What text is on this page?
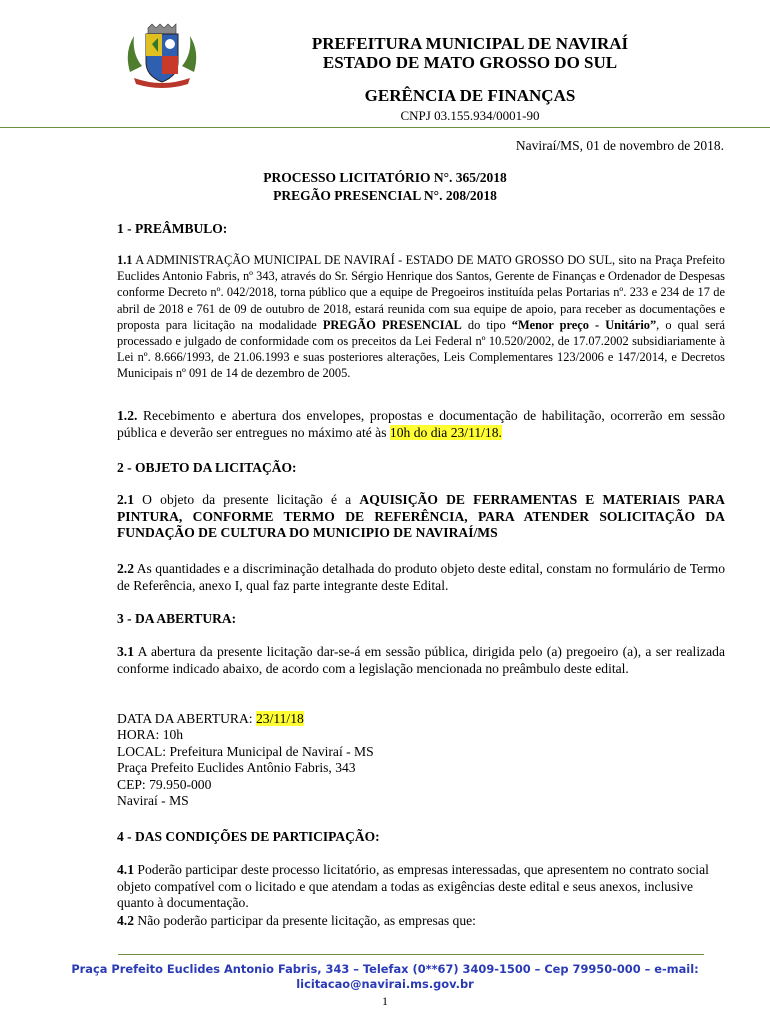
PREFEITURA MUNICIPAL DE NAVIRAÍ
ESTADO DE MATO GROSSO DO SUL
GERÊNCIA DE FINANÇAS
CNPJ 03.155.934/0001-90
Naviraí/MS, 01 de novembro de 2018.
PROCESSO LICITATÓRIO N°. 365/2018
PREGÃO PRESENCIAL N°. 208/2018
1 - PREÂMBULO:
1.1 A ADMINISTRAÇÃO MUNICIPAL DE NAVIRAÍ - ESTADO DE MATO GROSSO DO SUL, sito na Praça Prefeito Euclides Antonio Fabris, nº 343, através do Sr. Sérgio Henrique dos Santos, Gerente de Finanças e Ordenador de Despesas conforme Decreto nº. 042/2018, torna público que a equipe de Pregoeiros instituída pelas Portarias nº. 233 e 234 de 17 de abril de 2018 e 761 de 09 de outubro de 2018, estará reunida com sua equipe de apoio, para receber as documentações e proposta para licitação na modalidade PREGÃO PRESENCIAL do tipo “Menor preço - Unitário”, o qual será processado e julgado de conformidade com os preceitos da Lei Federal nº 10.520/2002, de 17.07.2002 subsidiariamente à Lei nº. 8.666/1993, de 21.06.1993 e suas posteriores alterações, Leis Complementares 123/2006 e 147/2014, e Decretos Municipais nº 091 de 14 de dezembro de 2005.
1.2. Recebimento e abertura dos envelopes, propostas e documentação de habilitação, ocorrerão em sessão pública e deverão ser entregues no máximo até às 10h do dia 23/11/18.
2 - OBJETO DA LICITAÇÃO:
2.1 O objeto da presente licitação é a AQUISIÇÃO DE FERRAMENTAS E MATERIAIS PARA PINTURA, CONFORME TERMO DE REFERÊNCIA, PARA ATENDER SOLICITAÇÃO DA FUNDAÇÃO DE CULTURA DO MUNICIPIO DE NAVIRAÍ/MS
2.2 As quantidades e a discriminação detalhada do produto objeto deste edital, constam no formulário de Termo de Referência, anexo I, qual faz parte integrante deste Edital.
3 - DA ABERTURA:
3.1 A abertura da presente licitação dar-se-á em sessão pública, dirigida pelo (a) pregoeiro (a), a ser realizada conforme indicado abaixo, de acordo com a legislação mencionada no preâmbulo deste edital.
DATA DA ABERTURA: 23/11/18
HORA: 10h
LOCAL: Prefeitura Municipal de Naviraí - MS
Praça Prefeito Euclides Antônio Fabris, 343
CEP: 79.950-000
Naviraí - MS
4 - DAS CONDIÇÕES DE PARTICIPAÇÃO:
4.1 Poderão participar deste processo licitatório, as empresas interessadas, que apresentem no contrato social objeto compatível com o licitado e que atendam a todas as exigências deste edital e seus anexos, inclusive quanto à documentação.
4.2 Não poderão participar da presente licitação, as empresas que:
Praça Prefeito Euclides Antonio Fabris, 343 – Telefax (0**67) 3409-1500 – Cep 79950-000 – e-mail:
licitacao@navirai.ms.gov.br
1
